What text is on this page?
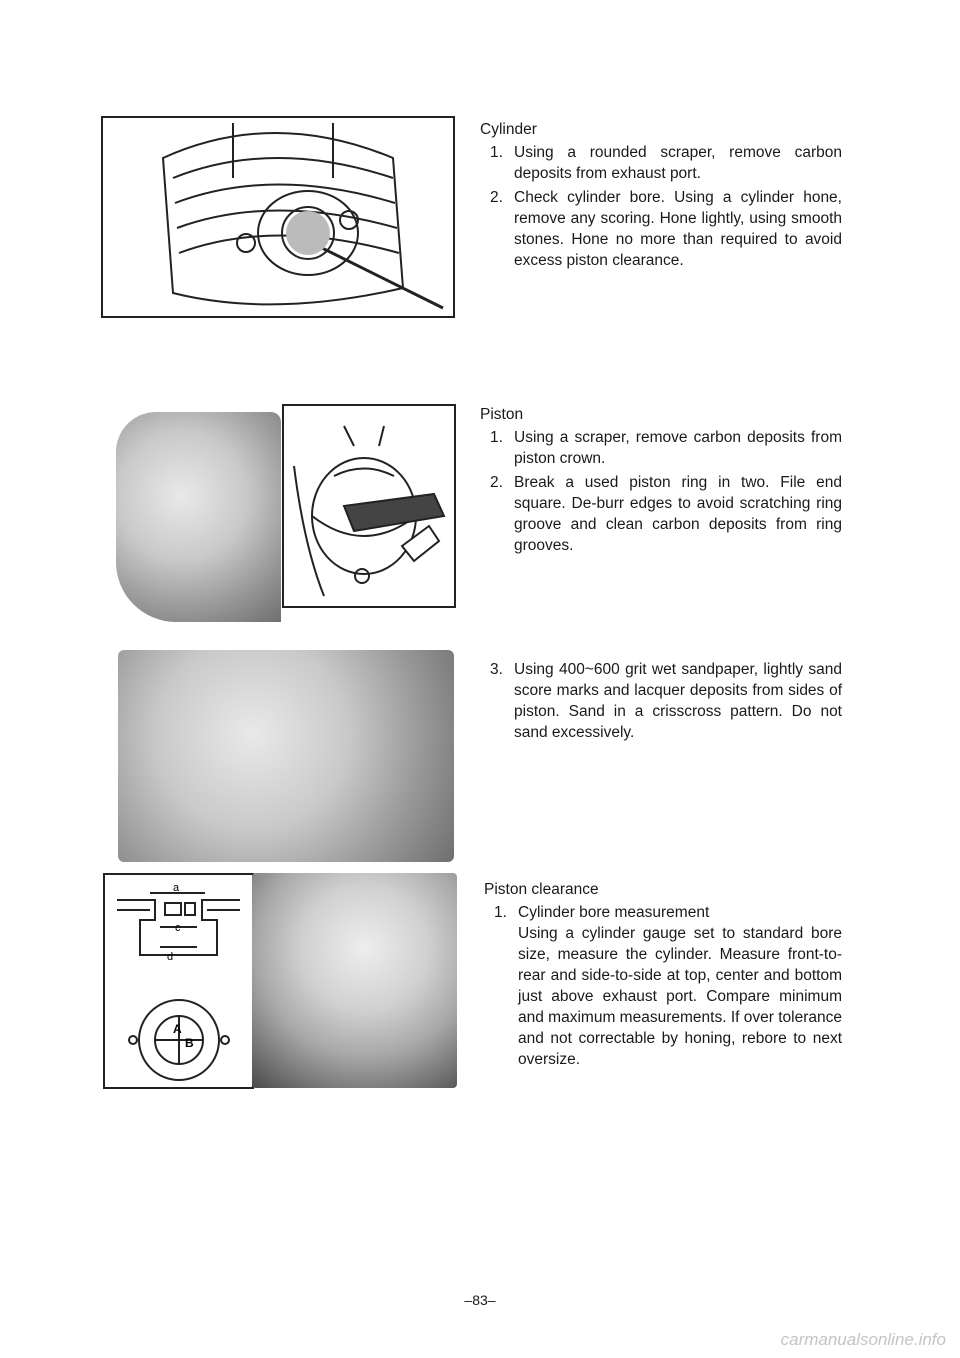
a
c
d
A
B
Cylinder
1. Using a rounded scraper, remove carbon deposits from exhaust port.
2. Check cylinder bore. Using a cylinder hone, remove any scoring. Hone lightly, using smooth stones. Hone no more than required to avoid excess piston clearance.
Piston
1. Using a scraper, remove carbon deposits from piston crown.
2. Break a used piston ring in two. File end square. De-burr edges to avoid scratching ring groove and clean carbon deposits from ring grooves.
3. Using 400~600 grit wet sandpaper, lightly sand score marks and lacquer deposits from sides of piston. Sand in a crisscross pattern. Do not sand excessively.
Piston clearance
1. Cylinder bore measurement
Using a cylinder gauge set to standard bore size, measure the cylinder. Measure front-to-rear and side-to-side at top, center and bottom just above exhaust port. Compare minimum and maximum measurements. If over tolerance and not correctable by honing, rebore to next oversize.
–83–
carmanualsonline.info
